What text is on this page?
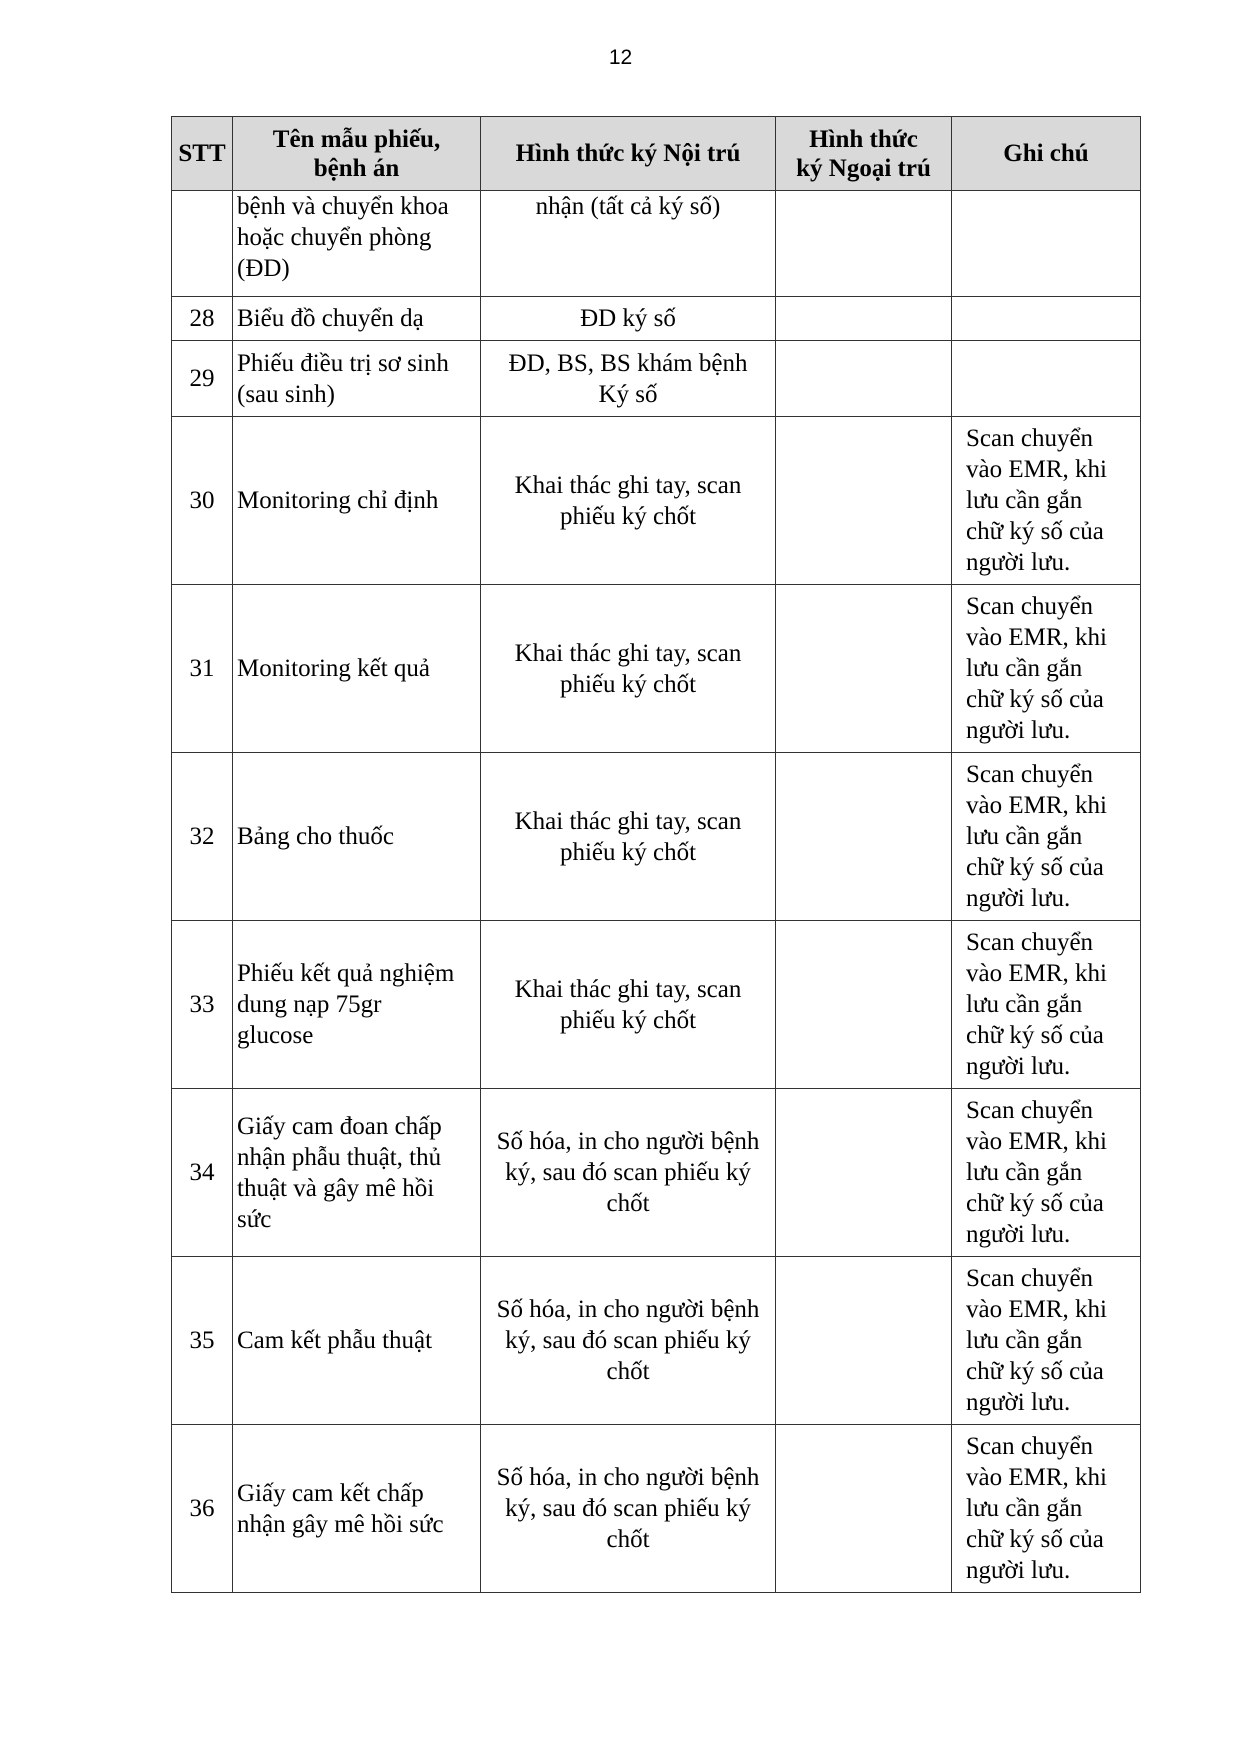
12
STT	Tên mẫu phiếu,
bệnh án	Hình thức ký Nội trú	Hình thức
ký Ngoại trú	Ghi chú
	bệnh và chuyển khoa
hoặc chuyển phòng
(ĐD)	nhận (tất cả ký số)		
28	Biểu đồ chuyển dạ	ĐD ký số		
29	Phiếu điều trị sơ sinh
(sau sinh)	ĐD, BS, BS khám bệnh
Ký số		
30	Monitoring chỉ định	Khai thác ghi tay, scan
phiếu ký chốt		Scan chuyển
vào EMR, khi
lưu cần gắn
chữ ký số của
người lưu.
31	Monitoring kết quả	Khai thác ghi tay, scan
phiếu ký chốt		Scan chuyển
vào EMR, khi
lưu cần gắn
chữ ký số của
người lưu.
32	Bảng cho thuốc	Khai thác ghi tay, scan
phiếu ký chốt		Scan chuyển
vào EMR, khi
lưu cần gắn
chữ ký số của
người lưu.
33	Phiếu kết quả nghiệm
dung nạp 75gr
glucose	Khai thác ghi tay, scan
phiếu ký chốt		Scan chuyển
vào EMR, khi
lưu cần gắn
chữ ký số của
người lưu.
34	Giấy cam đoan chấp
nhận phẫu thuật, thủ
thuật và gây mê hồi
sức	Số hóa, in cho người bệnh
ký, sau đó scan phiếu ký
chốt		Scan chuyển
vào EMR, khi
lưu cần gắn
chữ ký số của
người lưu.
35	Cam kết phẫu thuật	Số hóa, in cho người bệnh
ký, sau đó scan phiếu ký
chốt		Scan chuyển
vào EMR, khi
lưu cần gắn
chữ ký số của
người lưu.
36	Giấy cam kết chấp
nhận gây mê hồi sức	Số hóa, in cho người bệnh
ký, sau đó scan phiếu ký
chốt		Scan chuyển
vào EMR, khi
lưu cần gắn
chữ ký số của
người lưu.
